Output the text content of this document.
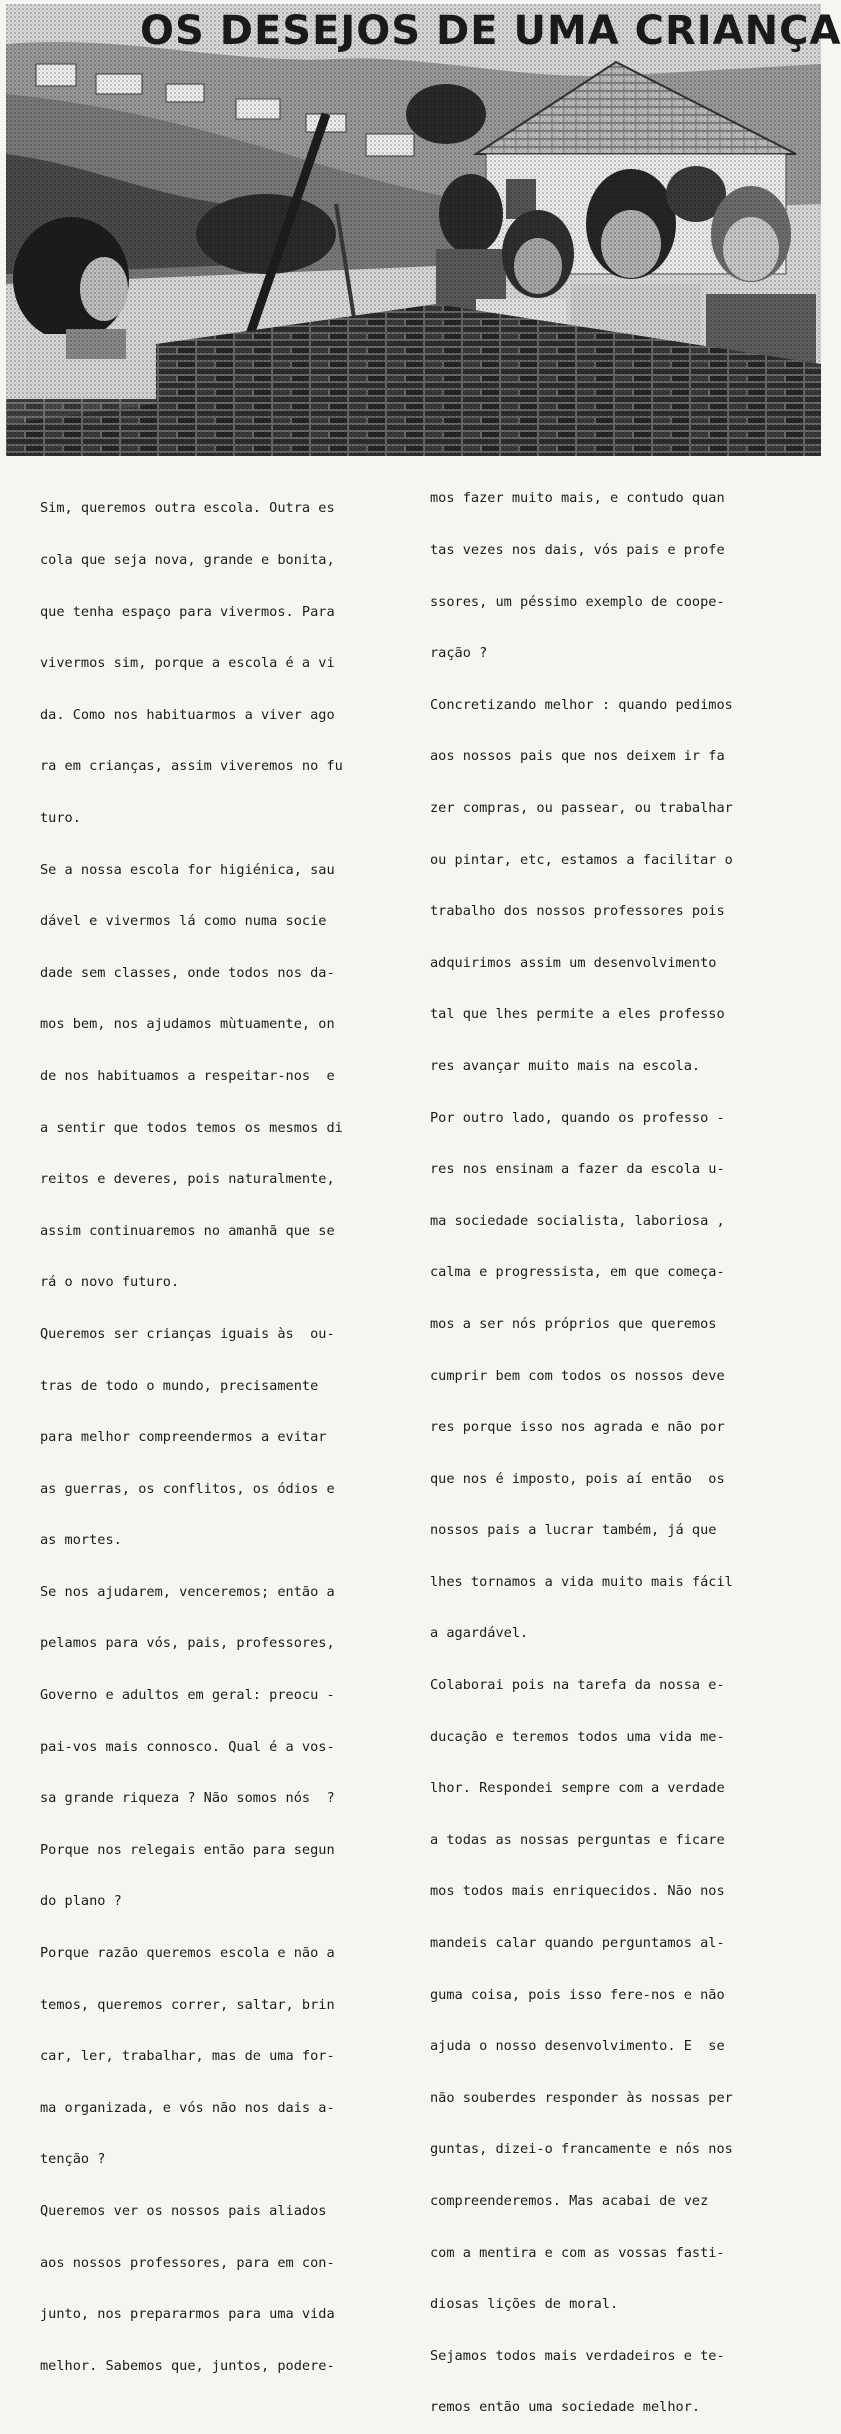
OS DESEJOS DE UMA CRIANÇA

Sim, queremos outra escola. Outra es

cola que seja nova, grande e bonita,

que tenha espaço para vivermos. Para

vivermos sim, porque a escola é a vi

da. Como nos habituarmos a viver ago

ra em crianças, assim viveremos no fu

turo.

Se a nossa escola for higiénica, sau

dável e vivermos lá como numa socie

dade sem classes, onde todos nos da-

mos bem, nos ajudamos mùtuamente, on

de nos habituamos a respeitar-nos  e

a sentir que todos temos os mesmos di

reitos e deveres, pois naturalmente,

assim continuaremos no amanhã que se

rá o novo futuro.

Queremos ser crianças iguais às  ou-

tras de todo o mundo, precisamente

para melhor compreendermos a evitar

as guerras, os conflitos, os ódios e

as mortes.

Se nos ajudarem, venceremos; então a

pelamos para vós, pais, professores,

Governo e adultos em geral: preocu -

pai-vos mais connosco. Qual é a vos-

sa grande riqueza ? Não somos nós  ?

Porque nos relegais então para segun

do plano ?

Porque razão queremos escola e não a

temos, queremos correr, saltar, brin

car, ler, trabalhar, mas de uma for-

ma organizada, e vós não nos dais a-

tenção ?

Queremos ver os nossos pais aliados

aos nossos professores, para em con-

junto, nos prepararmos para uma vida

melhor. Sabemos que, juntos, podere-

mos fazer muito mais, e contudo quan

tas vezes nos dais, vós pais e profe

ssores, um péssimo exemplo de coope-

ração ?

Concretizando melhor : quando pedimos

aos nossos pais que nos deixem ir fa

zer compras, ou passear, ou trabalhar

ou pintar, etc, estamos a facilitar o

trabalho dos nossos professores pois

adquirimos assim um desenvolvimento

tal que lhes permite a eles professo

res avançar muito mais na escola.

Por outro lado, quando os professo -

res nos ensinam a fazer da escola u-

ma sociedade socialista, laboriosa ,

calma e progressista, em que começa-

mos a ser nós próprios que queremos

cumprir bem com todos os nossos deve

res porque isso nos agrada e não por

que nos é imposto, pois aí então  os

nossos pais a lucrar também, já que

lhes tornamos a vida muito mais fácil

a agardável.

Colaborai pois na tarefa da nossa e-

ducação e teremos todos uma vida me-

lhor. Respondei sempre com a verdade

a todas as nossas perguntas e ficare

mos todos mais enriquecidos. Não nos

mandeis calar quando perguntamos al-

guma coisa, pois isso fere-nos e não

ajuda o nosso desenvolvimento. E  se

não souberdes responder às nossas per

guntas, dizei-o francamente e nós nos

compreenderemos. Mas acabai de vez

com a mentira e com as vossas fasti-

diosas lições de moral.

Sejamos todos mais verdadeiros e te-

remos então uma sociedade melhor.
